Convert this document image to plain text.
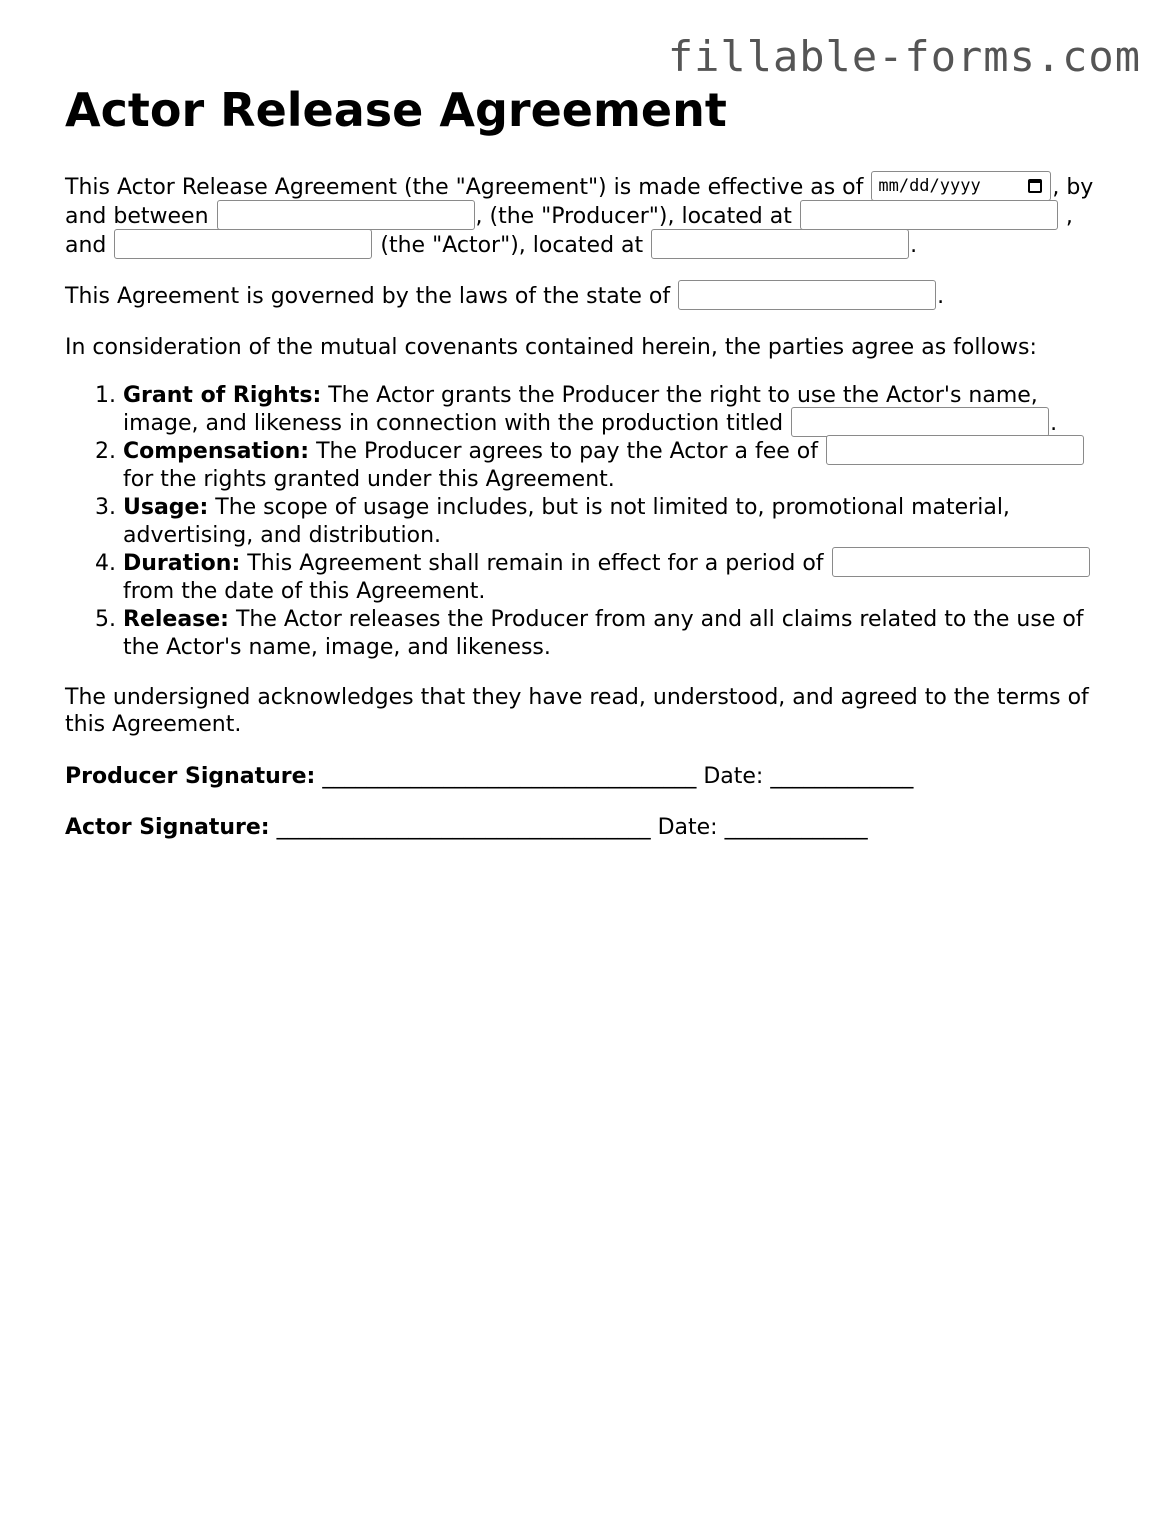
fillable-forms.com
Actor Release Agreement

This Actor Release Agreement (the "Agreement") is made effective as of mm/dd/yyyy	, by and between	, (the "Producer"), located at	, and	(the "Actor"), located at	.

This Agreement is governed by the laws of the state of	.

In consideration of the mutual covenants contained herein, the parties agree as follows:

1. Grant of Rights: The Actor grants the Producer the right to use the Actor's name, image, and likeness in connection with the production titled	.
2. Compensation: The Producer agrees to pay the Actor a fee of  for the rights granted under this Agreement.
3. Usage: The scope of usage includes, but is not limited to, promotional material, advertising, and distribution.
4. Duration: This Agreement shall remain in effect for a period of  from the date of this Agreement.
5. Release: The Actor releases the Producer from any and all claims related to the use of the Actor's name, image, and likeness.

The undersigned acknowledges that they have read, understood, and agreed to the terms of this Agreement.

Producer Signature: __________________________________ Date: _____________

Actor Signature: __________________________________ Date: _____________
